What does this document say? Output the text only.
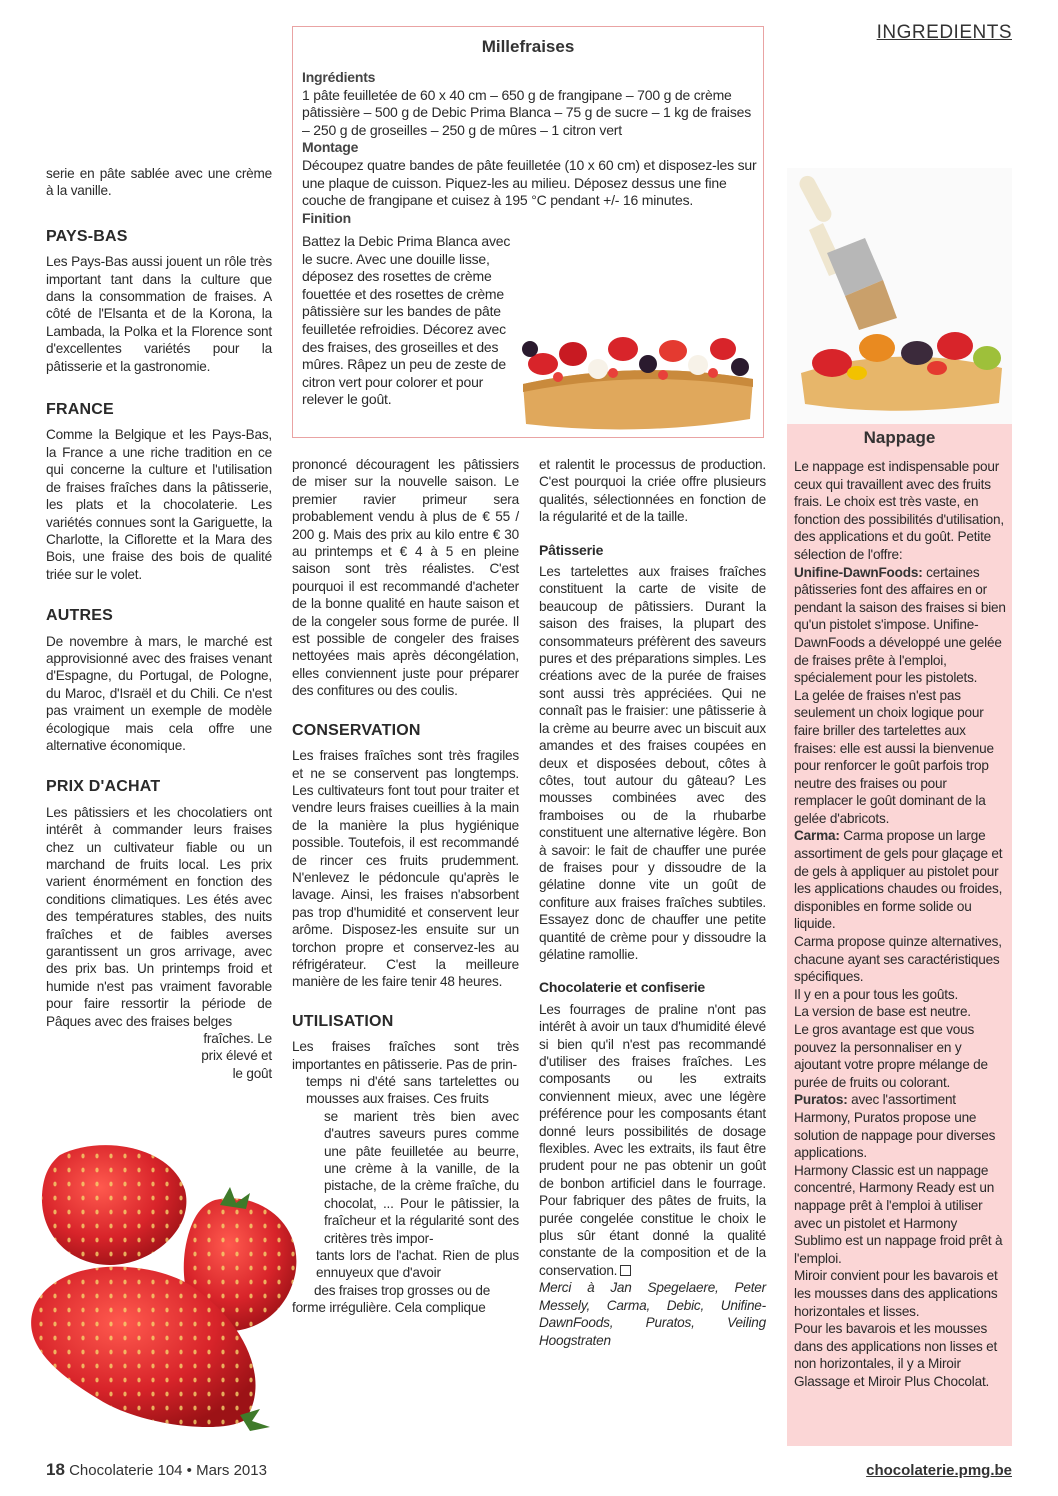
INGREDIENTS

serie en pâte sablée avec une crème à la vanille.

PAYS-BAS

Les Pays-Bas aussi jouent un rôle très important tant dans la culture que dans la consommation de fraises. A côté de l'Elsanta et de la Korona, la Lambada, la Polka et la Florence sont d'excellentes variétés pour la pâtisserie et la gastronomie.

FRANCE

Comme la Belgique et les Pays-Bas, la France a une riche tradition en ce qui concerne la culture et l'utilisation de fraises fraîches dans la pâtisserie, les plats et la chocolaterie. Les variétés connues sont la Gariguette, la Charlotte, la Ciflorette et la Mara des Bois, une fraise des bois de qualité triée sur le volet.

AUTRES

De novembre à mars, le marché est approvisionné avec des fraises venant d'Espagne, du Portugal, de Pologne, du Maroc, d'Israël et du Chili. Ce n'est pas vraiment un exemple de modèle écologique mais cela offre une alternative économique.

PRIX D'ACHAT

Les pâtissiers et les chocolatiers ont intérêt à commander leurs fraises chez un cultivateur fiable ou un marchand de fruits local. Les prix varient énormément en fonction des conditions climatiques. Les étés avec des températures stables, des nuits fraîches et de faibles averses garantissent un gros arrivage, avec des prix bas. Un printemps froid et humide n'est pas vraiment favorable pour faire ressortir la période de Pâques avec des fraises belges

fraîches. Le

prix élevé et

le goût

Millefraises
Ingrédients
1 pâte feuilletée de 60 x 40 cm – 650 g de frangipane – 700 g de crème pâtissière – 500 g de Debic Prima Blanca – 75 g de sucre – 1 kg de fraises – 250 g de groseilles – 250 g de mûres – 1 citron vert
Montage
Découpez quatre bandes de pâte feuilletée (10 x 60 cm) et disposez-les sur une plaque de cuisson. Piquez-les au milieu. Déposez dessus une fine couche de frangipane et cuisez à 195 °C pendant +/- 16 minutes.
Finition
Battez la Debic Prima Blanca avec le sucre. Avec une douille lisse, déposez des rosettes de crème fouettée et des rosettes de crème pâtissière sur les bandes de pâte feuilletée refroidies. Décorez avec des fraises, des groseilles et des mûres. Râpez un peu de zeste de citron vert pour colorer et pour relever le goût.

prononcé découragent les pâtissiers de miser sur la nouvelle saison. Le premier ravier primeur sera probablement vendu à plus de € 55 / 200 g. Mais des prix au kilo entre € 30 au printemps et € 4 à 5 en pleine saison sont très réalistes. C'est pourquoi il est recommandé d'acheter de la bonne qualité en haute saison et de la congeler sous forme de purée. Il est possible de congeler des fraises nettoyées mais après décongélation, elles conviennent juste pour préparer des confitures ou des coulis.

CONSERVATION

Les fraises fraîches sont très fragiles et ne se conservent pas longtemps. Les cultivateurs font tout pour traiter et vendre leurs fraises cueillies à la main de la manière la plus hygiénique possible. Toutefois, il est recommandé de rincer ces fruits prudemment. N'enlevez le pédoncule qu'après le lavage. Ainsi, les fraises n'absorbent pas trop d'humidité et conservent leur arôme. Disposez-les ensuite sur un torchon propre et conservez-les au réfrigérateur. C'est la meilleure manière de les faire tenir 48 heures.

UTILISATION

Les fraises fraîches sont très importantes en pâtisserie. Pas de prin-

temps ni d'été sans tartelettes ou mousses aux fraises. Ces fruits

se marient très bien avec d'autres saveurs pures comme une pâte feuilletée au beurre, une crème à la vanille, de la pistache, de la crème fraîche, du chocolat, ... Pour le pâtissier, la fraîcheur et la régularité sont des critères très impor-

tants lors de l'achat. Rien de plus ennuyeux que d'avoir

des fraises trop grosses ou de

forme irrégulière. Cela complique

et ralentit le processus de production. C'est pourquoi la criée offre plusieurs qualités, sélectionnées en fonction de la régularité et de la taille.

Pâtisserie

Les tartelettes aux fraises fraîches constituent la carte de visite de beaucoup de pâtissiers. Durant la saison des fraises, la plupart des consommateurs préfèrent des saveurs pures et des préparations simples. Les créations avec de la purée de fraises sont aussi très appréciées. Qui ne connaît pas le fraisier: une pâtisserie à la crème au beurre avec un biscuit aux amandes et des fraises coupées en deux et disposées debout, côtes à côtes, tout autour du gâteau? Les mousses combinées avec des framboises ou de la rhubarbe constituent une alternative légère. Bon à savoir: le fait de chauffer une purée de fraises pour y dissoudre de la gélatine donne vite un goût de confiture aux fraises fraîches subtiles. Essayez donc de chauffer une petite quantité de crème pour y dissoudre la gélatine ramollie.

Chocolaterie et confiserie

Les fourrages de praline n'ont pas intérêt à avoir un taux d'humidité élevé si bien qu'il n'est pas recommandé d'utiliser des fraises fraîches. Les composants ou les extraits conviennent mieux, avec une légère préférence pour les composants étant donné leurs possibilités de dosage flexibles. Avec les extraits, ils faut être prudent pour ne pas obtenir un goût de bonbon artificiel dans le fourrage. Pour fabriquer des pâtes de fruits, la purée congelée constitue le choix le plus sûr étant donné la qualité constante de la composition et de la conservation.

Merci à Jan Spegelaere, Peter Messely, Carma, Debic, Unifine-DawnFoods, Puratos, Veiling Hoogstraten

Nappage

Le nappage est indispensable pour ceux qui travaillent avec des fruits frais. Le choix est très vaste, en fonction des possibilités d'utilisation, des applications et du goût. Petite sélection de l'offre:

Unifine-DawnFoods: certaines pâtisseries font des affaires en or pendant la saison des fraises si bien qu'un pistolet s'impose. Unifine-DawnFoods a développé une gelée de fraises prête à l'emploi, spécialement pour les pistolets.

La gelée de fraises n'est pas seulement un choix logique pour faire briller des tartelettes aux fraises: elle est aussi la bienvenue pour renforcer le goût parfois trop neutre des fraises ou pour remplacer le goût dominant de la gelée d'abricots.

Carma: Carma propose un large assortiment de gels pour glaçage et de gels à appliquer au pistolet pour les applications chaudes ou froides, disponibles en forme solide ou liquide.

Carma propose quinze alternatives, chacune ayant ses caractéristiques spécifiques.

Il y en a pour tous les goûts.

La version de base est neutre.

Le gros avantage est que vous pouvez la personnaliser en y ajoutant votre propre mélange de purée de fruits ou colorant.

Puratos: avec l'assortiment Harmony, Puratos propose une solution de nappage pour diverses applications.

Harmony Classic est un nappage concentré, Harmony Ready est un nappage prêt à l'emploi à utiliser avec un pistolet et Harmony Sublimo est un nappage froid prêt à l'emploi.

Miroir convient pour les bavarois et les mousses dans des applications horizontales et lisses.

Pour les bavarois et les mousses dans des applications non lisses et non horizontales, il y a Miroir Glassage et Miroir Plus Chocolat.

18 Chocolaterie 104 • Mars 2013	chocolaterie.pmg.be
